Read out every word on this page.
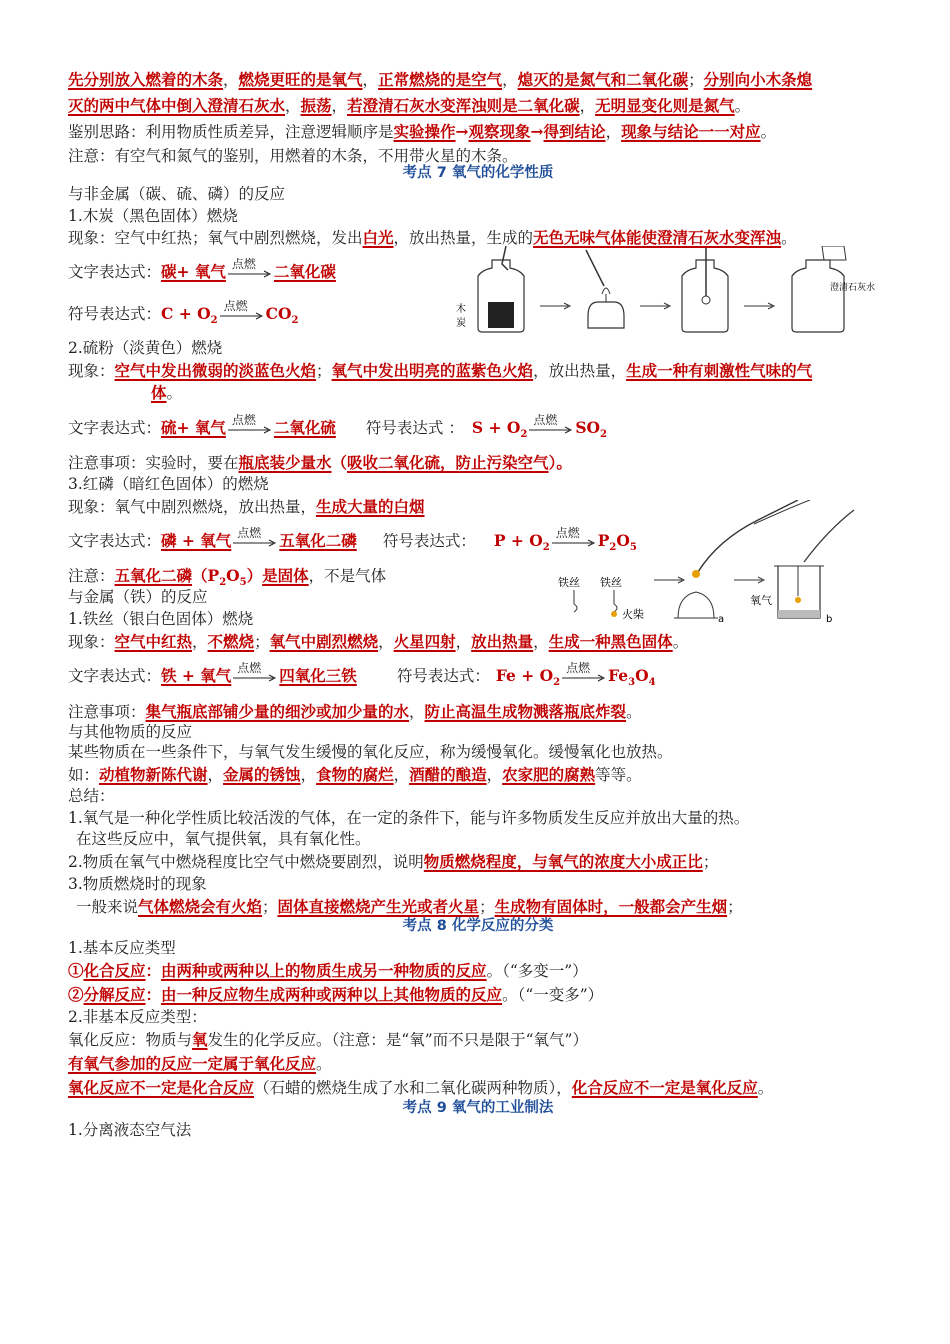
先分别放入燃着的木条，燃烧更旺的是氧气，正常燃烧的是空气，熄灭的是氮气和二氧化碳；分别向小木条熄
灭的两中气体中倒入澄清石灰水，振荡，若澄清石灰水变浑浊则是二氧化碳，无明显变化则是氮气。
鉴别思路：利用物质性质差异，注意逻辑顺序是实验操作→观察现象→得到结论，现象与结论一一对应。
注意：有空气和氮气的鉴别，用燃着的木条，不用带火星的木条。
考点 7 氧气的化学性质
与非金属（碳、硫、磷）的反应
1.木炭（黑色固体）燃烧
现象：空气中红热；氧气中剧烈燃烧，发出白光，放出热量，生成的无色无味气体能使澄清石灰水变浑浊。
文字表达式：碳+ 氧气 点燃 二氧化碳
符号表达式：$C + O_2$
点燃 $CO_2$
木
炭
澄清石灰水
2.硫粉（淡黄色）燃烧
现象：空气中发出微弱的淡蓝色火焰；氧气中发出明亮的蓝紫色火焰，放出热量，生成一种有刺激性气味的气
体。
文字表达式：硫+ 氧气 点燃 二氧化硫 符号表达式 ： $S + O_2$
点燃 $SO_2$
注意事项：实验时，要在瓶底装少量水（吸收二氧化硫，防止污染空气）。
3.红磷（暗红色固体）的燃烧
现象：氧气中剧烈燃烧，放出热量，生成大量的白烟
文字表达式：磷 + 氧气 点燃 五氧化二磷 符号表达式： $P + O_2$
点燃 $P_2O_5$
注意：五氧化二磷$(P_2O_5)$是固体，不是气体
与金属（铁）的反应
1.铁丝（银白色固体）燃烧
铁丝 铁丝
火柴	a
氧气
b
现象：空气中红热，不燃烧；氧气中剧烈燃烧，火星四射，放出热量，生成一种黑色固体。
文字表达式：铁 + 氧气 点燃 四氧化三铁	符号表达式： $Fe + O_2$
点燃 $Fe_3O_4$
注意事项：集气瓶底部铺少量的细沙或加少量的水，防止高温生成物溅落瓶底炸裂。
与其他物质的反应
某些物质在一些条件下，与氧气发生缓慢的氧化反应，称为缓慢氧化。缓慢氧化也放热。
如：动植物新陈代谢，金属的锈蚀，食物的腐烂，酒醋的酿造，农家肥的腐熟等等。
总结：
1.氧气是一种化学性质比较活泼的气体，在一定的条件下，能与许多物质发生反应并放出大量的热。
在这些反应中，氧气提供氧，具有氧化性。
2.物质在氧气中燃烧程度比空气中燃烧要剧烈，说明物质燃烧程度，与氧气的浓度大小成正比；
3.物质燃烧时的现象
一般来说气体燃烧会有火焰；固体直接燃烧产生光或者火星；生成物有固体时，一般都会产生烟；
考点 8 化学反应的分类
1.基本反应类型
①化合反应：由两种或两种以上的物质生成另一种物质的反应。（“多变一”）
②分解反应：由一种反应物生成两种或两种以上其他物质的反应。（“一变多”）
2.非基本反应类型：
氧化反应：物质与氧发生的化学反应。（注意：是“氧”而不只是限于“氧气”）
有氧气参加的反应一定属于氧化反应。
氧化反应不一定是化合反应（石蜡的燃烧生成了水和二氧化碳两种物质），化合反应不一定是氧化反应。
考点 9 氧气的工业制法
1.分离液态空气法
